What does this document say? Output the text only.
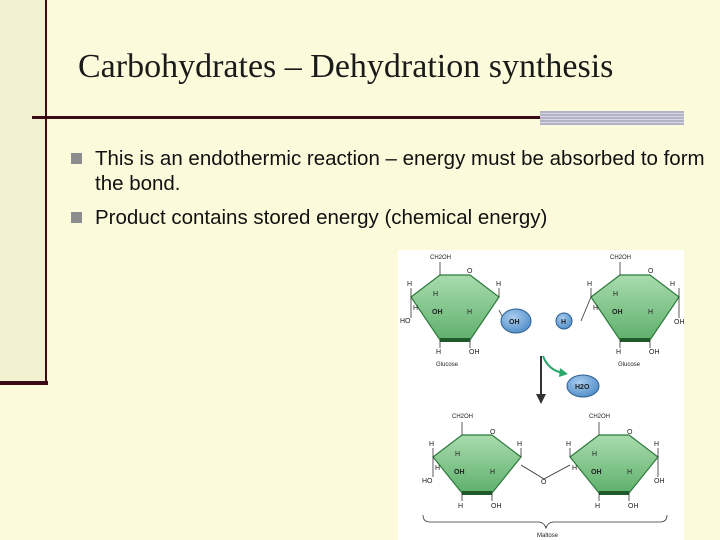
Carbohydrates – Dehydration synthesis
This is an endothermic reaction – energy must be absorbed to form the bond.
Product contains stored energy (chemical energy)
CH2OH
O
H	H
H
H
OH	H
HO
H	OH
Glucose
OH	H
CH2OH
O
H	H
H
H
OH	H
OH
H	OH
Glucose
H2O
CH2OH
O
H	H
H
H
OH	H
HO
H	OH
O
CH2OH
O
H	H
H
H
OH	H
OH
H	OH
Maltose
